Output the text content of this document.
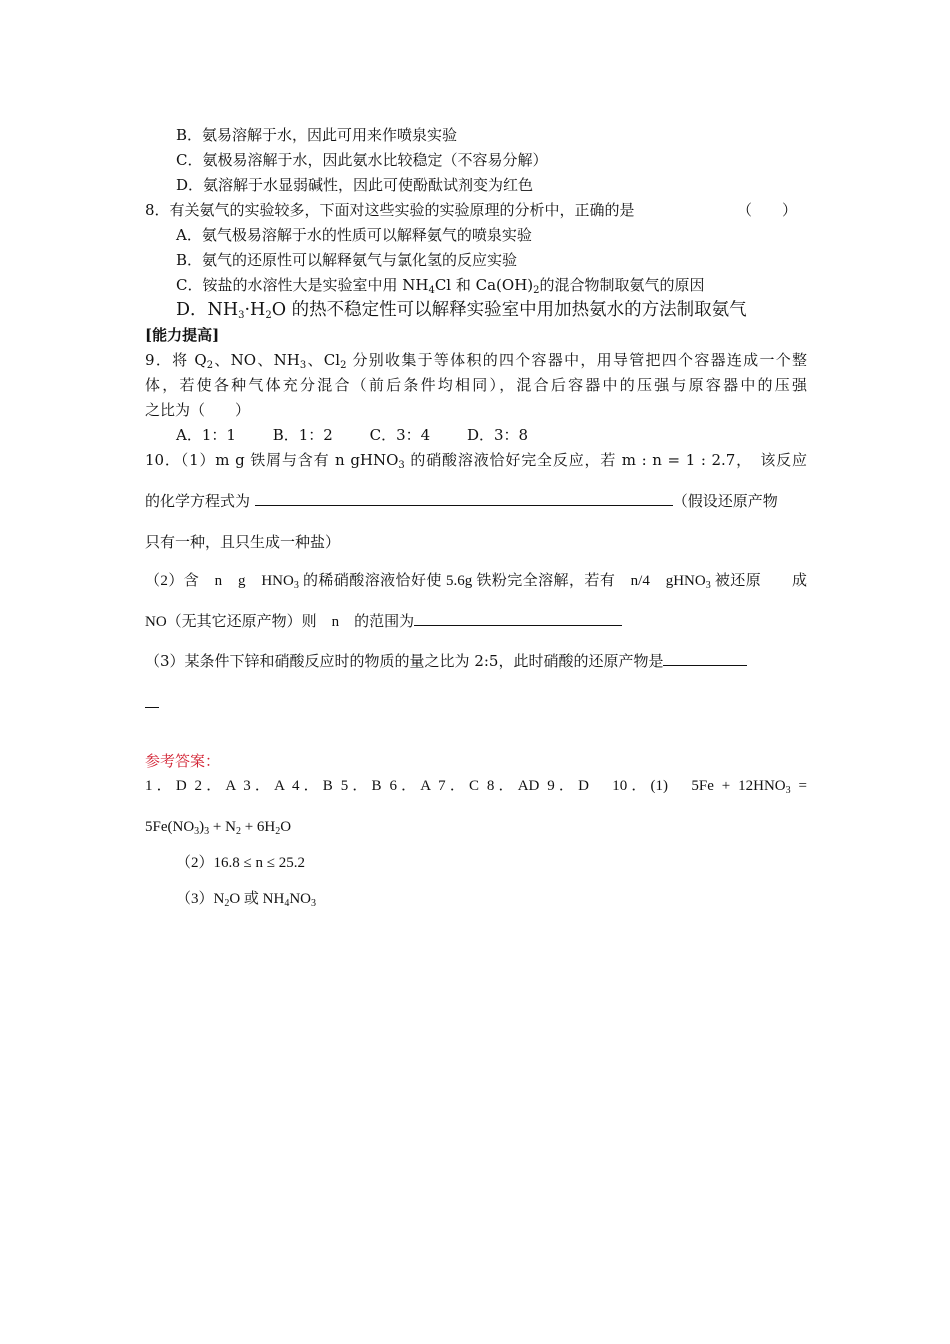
B．氨易溶解于水，因此可用来作喷泉实验
C．氨极易溶解于水，因此氨水比较稳定（不容易分解）
D．氨溶解于水显弱碱性，因此可使酚酞试剂变为红色
8．有关氨气的实验较多，下面对这些实验的实验原理的分析中，正确的是	（　　）
A．氨气极易溶解于水的性质可以解释氨气的喷泉实验
B．氨气的还原性可以解释氨气与氯化氢的反应实验
C．铵盐的水溶性大是实验室中用 $NH_4Cl$ 和 $Ca(OH)_2$的混合物制取氨气的原因
D．$NH_3\cdot H_2O$ 的热不稳定性可以解释实验室中用加热氨水的方法制取氨气
[能力提高]
9．将 $Q_2$、NO、$NH_3$、$Cl_2$ 分别收集于等体积的四个容器中，用导管把四个容器连成一个整
体，若使各种气体充分混合（前后条件均相同），混合后容器中的压强与原容器中的压强
之比为（　　）
A．1：1 B．1：2 C．3：4 D．3：8
10．（1）m g 铁屑与含有 n gHNO$_3$ 的硝酸溶液恰好完全反应，若 m : n = 1 : 2.7，　该反应
的化学方程式为	（假设还原产物
只有一种，且只生成一种盐）
（2）含　n　g　$HNO_3$ 的稀硝酸溶液恰好使 5.6g 铁粉完全溶解，若有　n/4　gHNO$_3$ 被还原　　成
NO（无其它还原产物）则　n　的范围为
（3）某条件下锌和硝酸反应时的物质的量之比为 2:5，此时硝酸的还原产物是
参考答案：
1．D 2．A 3．A 4．B 5．B 6．A 7．C 8．AD 9．D　10．(1)　$5Fe + 12HNO_3$ =
$5Fe(NO_3)_3 + N_2 + 6H_2O$
（2）16.8 ≤ n ≤ 25.2
$(3)N_2O$ 或 $NH_4NO_3$
